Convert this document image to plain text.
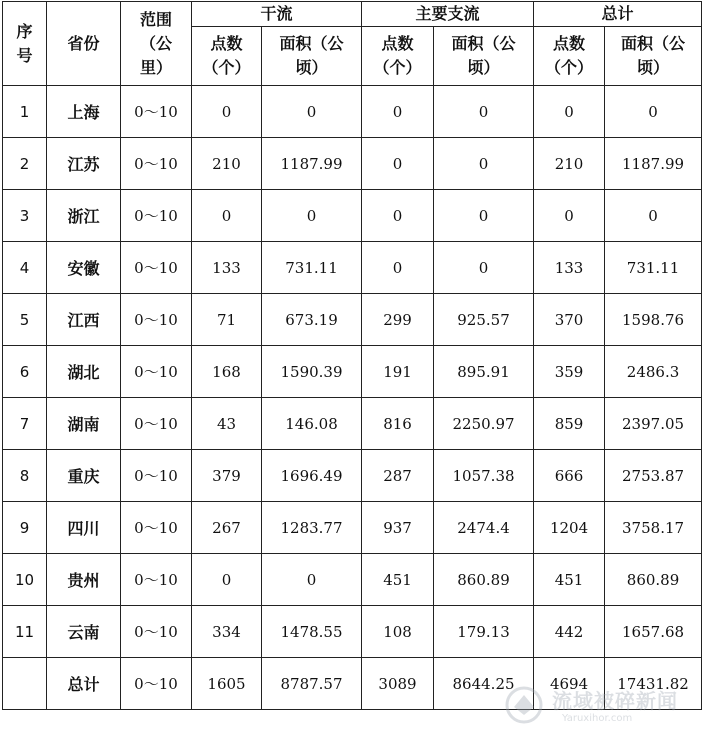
序号	省份	范围（公里）	干流		主要支流		总计	
			点数（个）	面积（公顷）	点数（个）	面积（公顷）	点数（个）	面积（公顷）
1	上海	0～10	0	0	0	0	0	0
2	江苏	0～10	210	1187.99	0	0	210	1187.99
3	浙江	0～10	0	0	0	0	0	0
4	安徽	0～10	133	731.11	0	0	133	731.11
5	江西	0～10	71	673.19	299	925.57	370	1598.76
6	湖北	0～10	168	1590.39	191	895.91	359	2486.3
7	湖南	0～10	43	146.08	816	2250.97	859	2397.05
8	重庆	0～10	379	1696.49	287	1057.38	666	2753.87
9	四川	0～10	267	1283.77	937	2474.4	1204	3758.17
10	贵州	0～10	0	0	451	860.89	451	860.89
11	云南	0～10	334	1478.55	108	179.13	442	1657.68
	总计	0～10	1605	8787.57	3089	8644.25	4694	17431.82
流域被碎新闻
Yaruxihor.com
